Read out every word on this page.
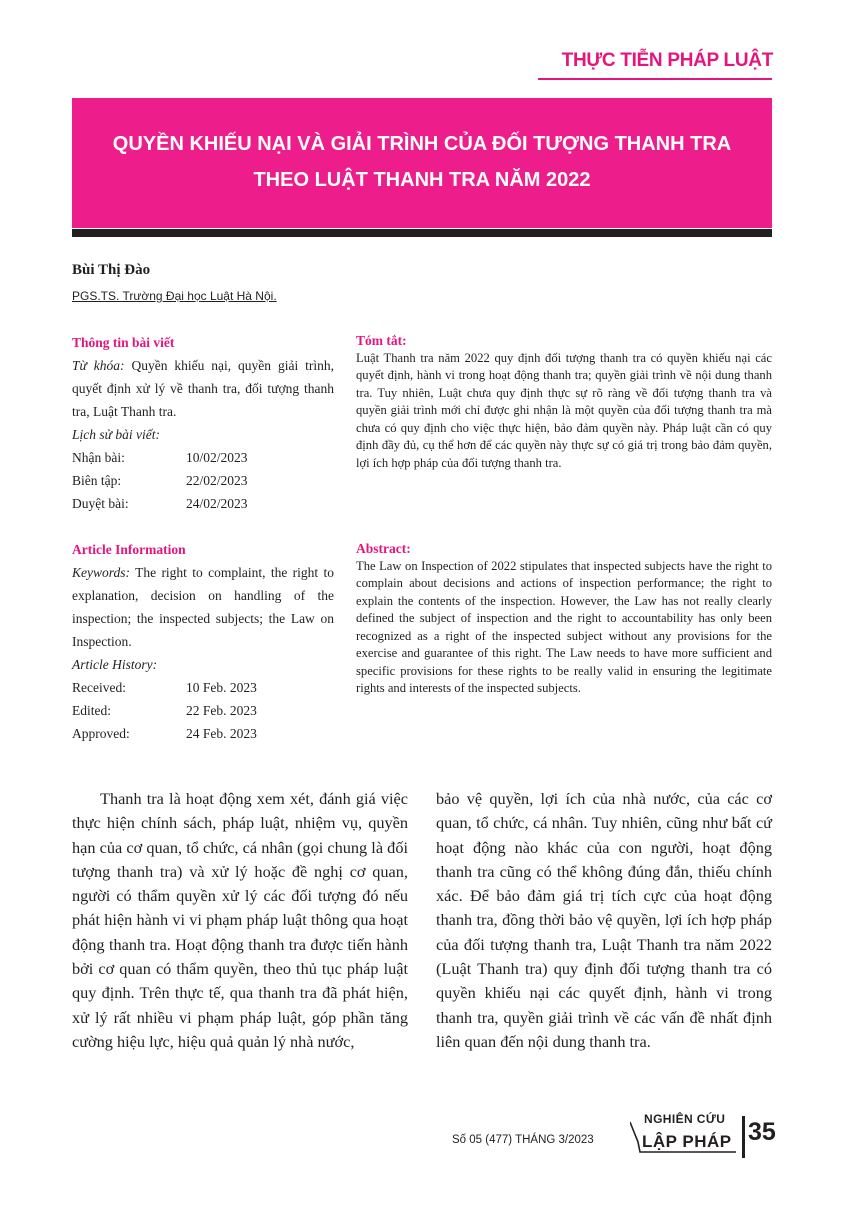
THỰC TIỄN PHÁP LUẬT
QUYỀN KHIẾU NẠI VÀ GIẢI TRÌNH CỦA ĐỐI TƯỢNG THANH TRA
THEO LUẬT THANH TRA NĂM 2022
Bùi Thị Đào
PGS.TS. Trường Đại học Luật Hà Nội.
Thông tin bài viết
Từ khóa: Quyền khiếu nại, quyền giải trình, quyết định xử lý về thanh tra, đối tượng thanh tra, Luật Thanh tra.
Lịch sử bài viết:
Nhận bài:	10/02/2023
Biên tập:	22/02/2023
Duyệt bài:	24/02/2023
Tóm tắt:
Luật Thanh tra năm 2022 quy định đối tượng thanh tra có quyền khiếu nại các quyết định, hành vi trong hoạt động thanh tra; quyền giải trình về nội dung thanh tra. Tuy nhiên, Luật chưa quy định thực sự rõ ràng về đối tượng thanh tra và quyền giải trình mới chỉ được ghi nhận là một quyền của đối tượng thanh tra mà chưa có quy định cho việc thực hiện, bảo đảm quyền này. Pháp luật cần có quy định đầy đủ, cụ thể hơn để các quyền này thực sự có giá trị trong bảo đảm quyền, lợi ích hợp pháp của đối tượng thanh tra.
Article Information
Keywords: The right to complaint, the right to explanation, decision on handling of the inspection; the inspected subjects; the Law on Inspection.
Article History:
Received:	10 Feb. 2023
Edited:	22 Feb. 2023
Approved:	24 Feb. 2023
Abstract:
The Law on Inspection of 2022 stipulates that inspected subjects have the right to complain about decisions and actions of inspection performance; the right to explain the contents of the inspection. However, the Law has not really clearly defined the subject of inspection and the right to accountability has only been recognized as a right of the inspected subject without any provisions for the exercise and guarantee of this right. The Law needs to have more sufficient and specific provisions for these rights to be really valid in ensuring the legitimate rights and interests of the inspected subjects.
Thanh tra là hoạt động xem xét, đánh giá việc thực hiện chính sách, pháp luật, nhiệm vụ, quyền hạn của cơ quan, tổ chức, cá nhân (gọi chung là đối tượng thanh tra) và xử lý hoặc đề nghị cơ quan, người có thẩm quyền xử lý các đối tượng đó nếu phát hiện hành vi vi phạm pháp luật thông qua hoạt động thanh tra. Hoạt động thanh tra được tiến hành bởi cơ quan có thẩm quyền, theo thủ tục pháp luật quy định. Trên thực tế, qua thanh tra đã phát hiện, xử lý rất nhiều vi phạm pháp luật, góp phần tăng cường hiệu lực, hiệu quả quản lý nhà nước,
bảo vệ quyền, lợi ích của nhà nước, của các cơ quan, tổ chức, cá nhân. Tuy nhiên, cũng như bất cứ hoạt động nào khác của con người, hoạt động thanh tra cũng có thể không đúng đắn, thiếu chính xác. Để bảo đảm giá trị tích cực của hoạt động thanh tra, đồng thời bảo vệ quyền, lợi ích hợp pháp của đối tượng thanh tra, Luật Thanh tra năm 2022 (Luật Thanh tra) quy định đối tượng thanh tra có quyền khiếu nại các quyết định, hành vi trong thanh tra, quyền giải trình về các vấn đề nhất định liên quan đến nội dung thanh tra.
Số 05 (477) THÁNG 3/2023
NGHIÊN CỨU
LẬP PHÁP 35
